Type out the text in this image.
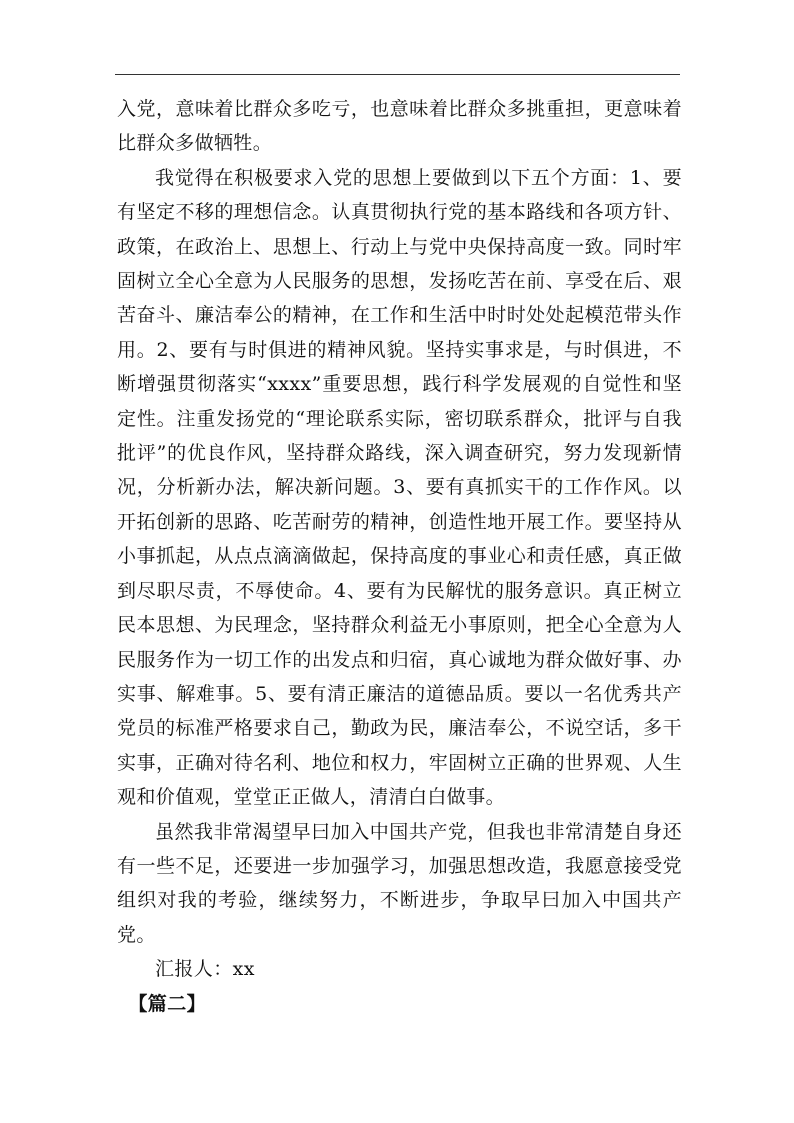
入党，意味着比群众多吃亏，也意味着比群众多挑重担，更意味着比群众多做牺牲。

我觉得在积极要求入党的思想上要做到以下五个方面：1、要有坚定不移的理想信念。认真贯彻执行党的基本路线和各项方针、政策，在政治上、思想上、行动上与党中央保持高度一致。同时牢固树立全心全意为人民服务的思想，发扬吃苦在前、享受在后、艰苦奋斗、廉洁奉公的精神，在工作和生活中时时处处起模范带头作用。2、要有与时俱进的精神风貌。坚持实事求是，与时俱进，不断增强贯彻落实“xxxx”重要思想，践行科学发展观的自觉性和坚定性。注重发扬党的“理论联系实际，密切联系群众，批评与自我批评”的优良作风，坚持群众路线，深入调查研究，努力发现新情况，分析新办法，解决新问题。3、要有真抓实干的工作作风。以开拓创新的思路、吃苦耐劳的精神，创造性地开展工作。要坚持从小事抓起，从点点滴滴做起，保持高度的事业心和责任感，真正做到尽职尽责，不辱使命。4、要有为民解忧的服务意识。真正树立民本思想、为民理念，坚持群众利益无小事原则，把全心全意为人民服务作为一切工作的出发点和归宿，真心诚地为群众做好事、办实事、解难事。5、要有清正廉洁的道德品质。要以一名优秀共产党员的标准严格要求自己，勤政为民，廉洁奉公，不说空话，多干实事，正确对待名利、地位和权力，牢固树立正确的世界观、人生观和价值观，堂堂正正做人，清清白白做事。

虽然我非常渴望早曰加入中国共产党，但我也非常清楚自身还有一些不足，还要进一步加强学习，加强思想改造，我愿意接受党组织对我的考验，继续努力，不断进步，争取早曰加入中国共产党。

汇报人：xx

【篇二】
